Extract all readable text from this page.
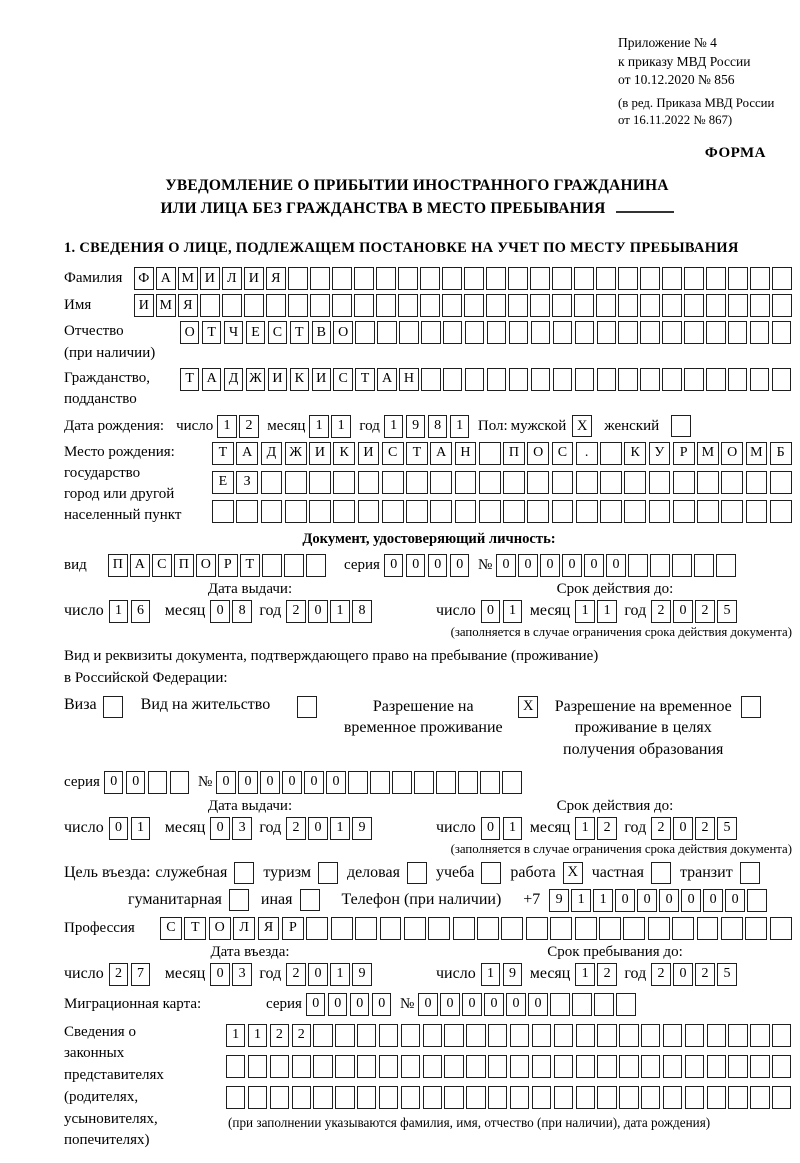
Приложение № 4
к приказу МВД России
от 10.12.2020 № 856
(в ред. Приказа МВД России
от 16.11.2022 № 867)
ФОРМА
УВЕДОМЛЕНИЕ О ПРИБЫТИИ ИНОСТРАННОГО ГРАЖДАНИНА
ИЛИ ЛИЦА БЕЗ ГРАЖДАНСТВА В МЕСТО ПРЕБЫВАНИЯ
1. СВЕДЕНИЯ О ЛИЦЕ, ПОДЛЕЖАЩЕМ ПОСТАНОВКЕ НА УЧЕТ ПО МЕСТУ ПРЕБЫВАНИЯ
Фамилия	Ф А М И Л И Я
Имя	И М Я
Отчество
(при наличии)
О Т Ч Е С Т В О
Гражданство,
подданство
Т А Д Ж И К И С Т А Н
Дата рождения: число 1	2 месяц 1	1 год 1	9	8	1 Пол: мужской X	женский
Место рождения:
государство
город или другой
населенный пункт
Т	А	Д Ж И	К	И	С	Т	А	Н	П	О	С	.	К	У	Р	М О М	Б
Е	З
Документ, удостоверяющий личность:
вид	П А С П О Р Т	серия 0	0	0	0 № 0	0	0	0	0	0
Дата выдачи:
число 1	6	месяц 0	8 год 2	0	1	8
Срок действия до:
число 0	1 месяц 1	1 год 2	0	2	5
(заполняется в случае ограничения срока действия документа)
Вид и реквизиты документа, подтверждающего право на пребывание (проживание)
в Российской Федерации:
Виза	Вид на жительство	Разрешение на временное проживание
X Разрешение на временное проживание в целях получения образования
серия 0	0	№ 0	0	0	0	0	0
Дата выдачи:
число 0	1	месяц 0	3 год 2	0	1	9
Срок действия до:
число 0	1 месяц 1	2 год 2	0	2	5
(заполняется в случае ограничения срока действия документа)
Цель въезда: служебная туризм деловая учеба работа X частная транзит
гуманитарная иная	Телефон (при наличии) +7	9	1	1	0	0	0	0	0	0
Профессия	С	Т	О	Л	Я	Р
Дата въезда:
число 2	7	месяц 0	3 год 2	0	1	9
Срок пребывания до:
число 1	9 месяц 1	2 год 2	0	2	5
Миграционная карта:	серия 0	0	0	0 № 0	0	0	0	0	0
Сведения о
законных
представителях
(родителях,
усыновителях,
попечителях)
1	1	2	2
(при заполнении указываются фамилия, имя, отчество (при наличии), дата рождения)
